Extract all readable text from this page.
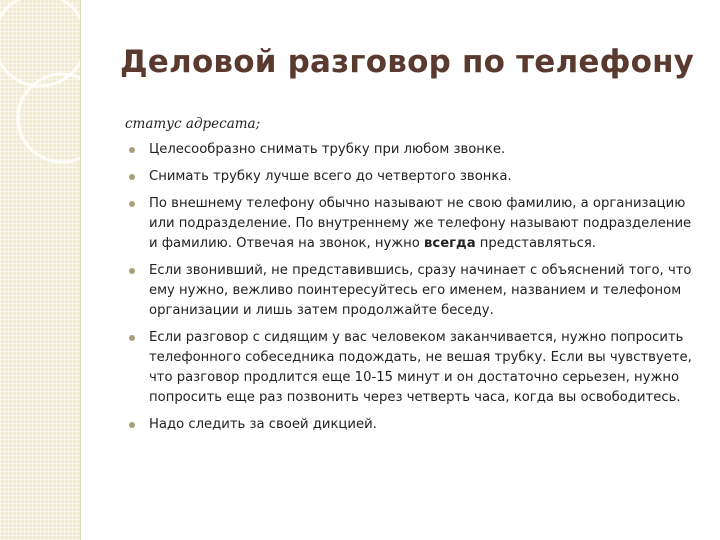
Деловой разговор по телефону
статус адресата;
Целесообразно снимать трубку при любом звонке.
Снимать трубку лучше всего до четвертого звонка.
По внешнему телефону обычно называют не свою фамилию, а организацию или подразделение. По внутреннему же телефону называют подразделение и фамилию. Отвечая на звонок, нужно всегда представляться.
Если звонивший, не представившись, сразу начинает с объяснений того, что ему нужно, вежливо поинтересуйтесь его именем, названием и телефоном организации и лишь затем продолжайте беседу.
Если разговор с сидящим у вас человеком заканчивается, нужно попросить телефонного собеседника подождать, не вешая трубку. Если вы чувствуете, что разговор продлится еще 10-15 минут и он достаточно серьезен, нужно попросить еще раз позвонить через четверть часа, когда вы освободитесь.
Надо следить за своей дикцией.
